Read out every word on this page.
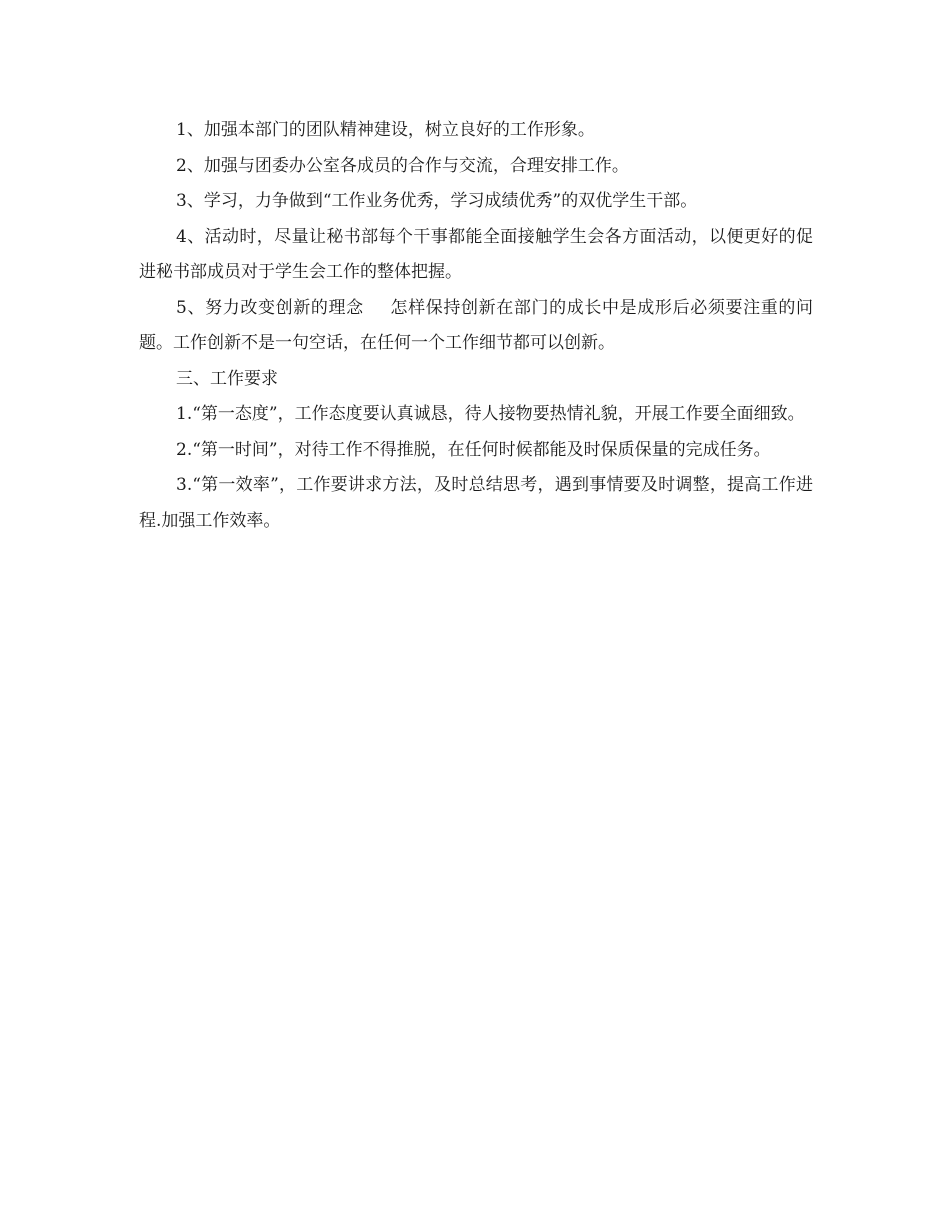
1、加强本部门的团队精神建设，树立良好的工作形象。

2、加强与团委办公室各成员的合作与交流，合理安排工作。

3、学习，力争做到“工作业务优秀，学习成绩优秀”的双优学生干部。

4、活动时，尽量让秘书部每个干事都能全面接触学生会各方面活动，以便更好的促进秘书部成员对于学生会工作的整体把握。

5、努力改变创新的理念 怎样保持创新在部门的成长中是成形后必须要注重的问题。工作创新不是一句空话，在任何一个工作细节都可以创新。

三、工作要求

1.“第一态度”，工作态度要认真诚恳，待人接物要热情礼貌，开展工作要全面细致。

2.“第一时间”，对待工作不得推脱，在任何时候都能及时保质保量的完成任务。

3.“第一效率”，工作要讲求方法，及时总结思考，遇到事情要及时调整，提高工作进程.加强工作效率。
